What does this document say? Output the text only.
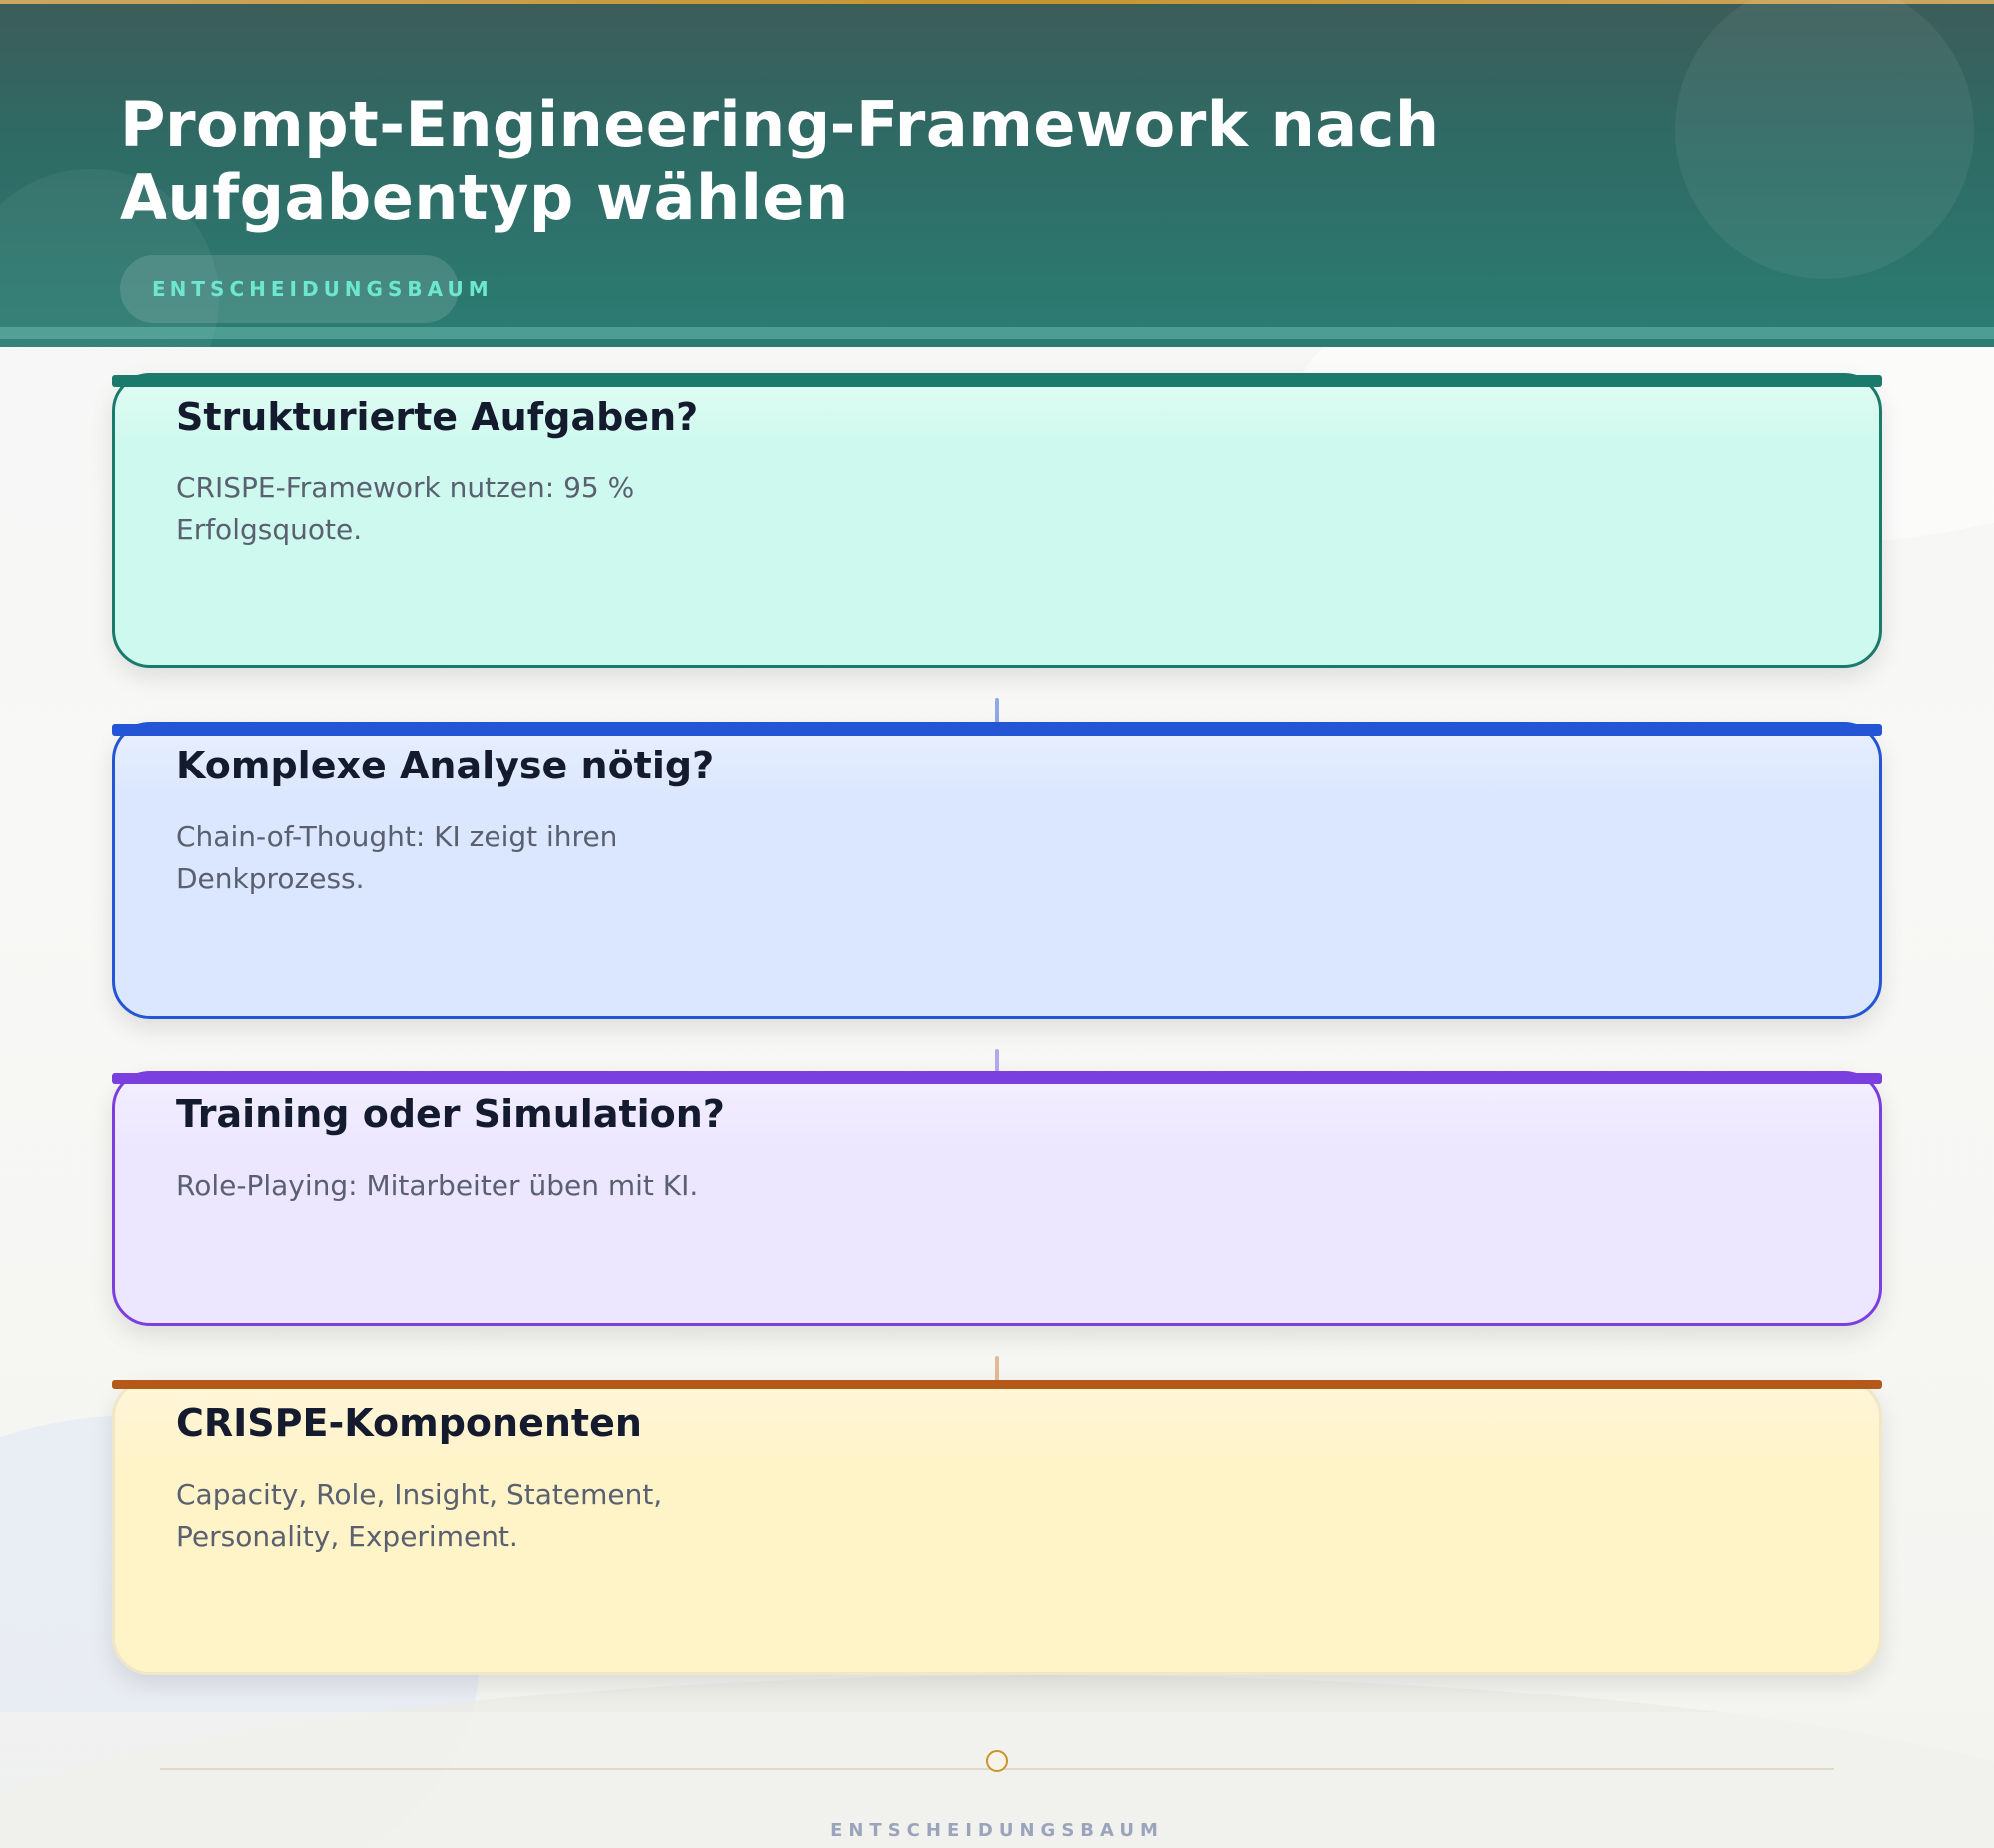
Prompt-Engineering-Framework nach Aufgabentyp wählen
ENTSCHEIDUNGSBAUM
Strukturierte Aufgaben?
CRISPE-Framework nutzen: 95 % Erfolgsquote.
Komplexe Analyse nötig?
Chain-of-Thought: KI zeigt ihren Denkprozess.
Training oder Simulation?
Role-Playing: Mitarbeiter üben mit KI.
CRISPE-Komponenten
Capacity, Role, Insight, Statement, Personality, Experiment.
ENTSCHEIDUNGSBAUM
